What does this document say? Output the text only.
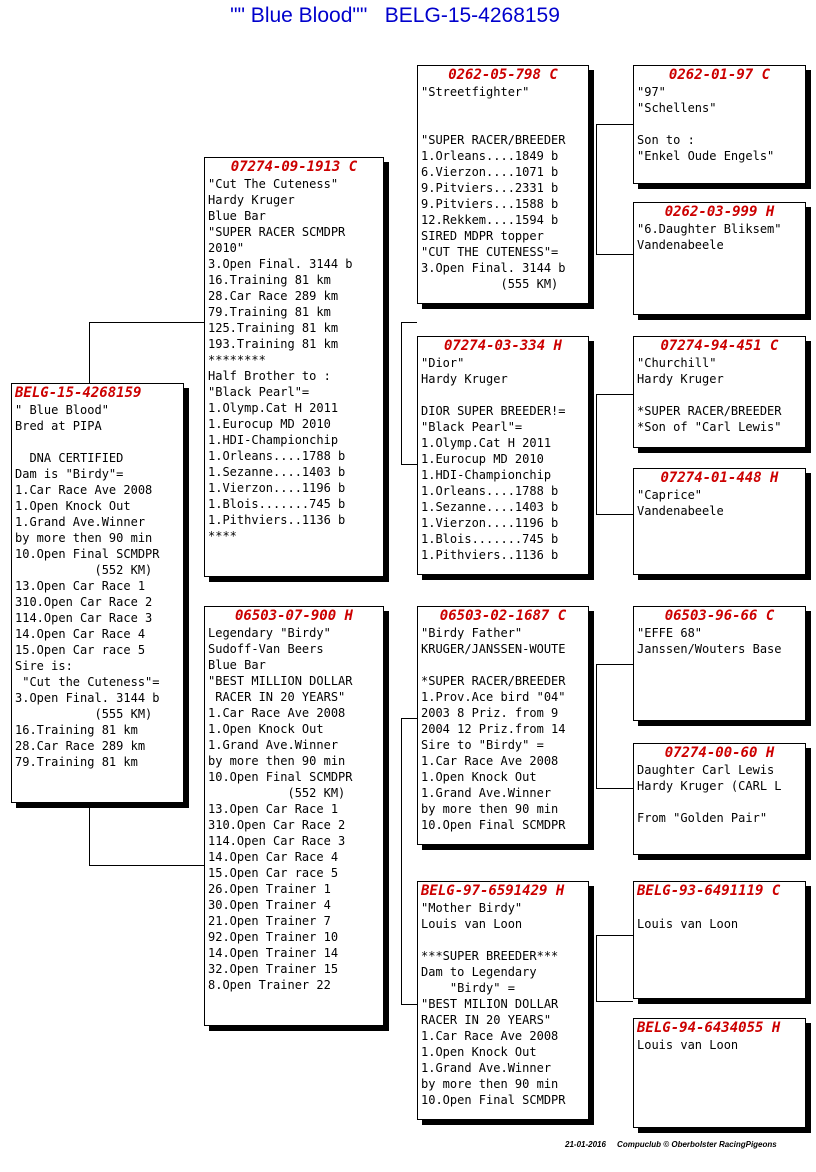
"" Blue Blood""   BELG-15-4268159
BELG-15-4268159
" Blue Blood"
Bred at PIPA
DNA CERTIFIED
Dam is "Birdy"=
1.Car Race Ave 2008
1.Open Knock Out
1.Grand Ave.Winner
by more then 90 min
10.Open Final SCMDPR
(552 KM)
13.Open Car Race 1
310.Open Car Race 2
114.Open Car Race 3
14.Open Car Race 4
15.Open Car race 5
Sire is:
"Cut the Cuteness"=
3.Open Final. 3144 b
(555 KM)
16.Training 81 km
28.Car Race 289 km
79.Training 81 km
07274-09-1913 C
"Cut The Cuteness"
Hardy Kruger
Blue Bar
"SUPER RACER SCMDPR
2010"
3.Open Final. 3144 b
16.Training 81 km
28.Car Race 289 km
79.Training 81 km
125.Training 81 km
193.Training 81 km
********
Half Brother to :
"Black Pearl"=
1.Olymp.Cat H 2011
1.Eurocup MD 2010
1.HDI-Championchip
1.Orleans....1788 b
1.Sezanne....1403 b
1.Vierzon....1196 b
1.Blois.......745 b
1.Pithviers..1136 b
****
06503-07-900 H
Legendary "Birdy"
Sudoff-Van Beers
Blue Bar
"BEST MILLION DOLLAR
RACER IN 20 YEARS"
1.Car Race Ave 2008
1.Open Knock Out
1.Grand Ave.Winner
by more then 90 min
10.Open Final SCMDPR
(552 KM)
13.Open Car Race 1
310.Open Car Race 2
114.Open Car Race 3
14.Open Car Race 4
15.Open Car race 5
26.Open Trainer 1
30.Open Trainer 4
21.Open Trainer 7
92.Open Trainer 10
14.Open Trainer 14
32.Open Trainer 15
8.Open Trainer 22
0262-05-798 C
"Streetfighter"
"SUPER RACER/BREEDER
1.Orleans....1849 b
6.Vierzon....1071 b
9.Pitviers...2331 b
9.Pitviers...1588 b
12.Rekkem....1594 b
SIRED MDPR topper
"CUT THE CUTENESS"=
3.Open Final. 3144 b
(555 KM)
07274-03-334 H
"Dior"
Hardy Kruger
DIOR SUPER BREEDER!=
"Black Pearl"=
1.Olymp.Cat H 2011
1.Eurocup MD 2010
1.HDI-Championchip
1.Orleans....1788 b
1.Sezanne....1403 b
1.Vierzon....1196 b
1.Blois.......745 b
1.Pithviers..1136 b
06503-02-1687 C
"Birdy Father"
KRUGER/JANSSEN-WOUTE
*SUPER RACER/BREEDER
1.Prov.Ace bird "04"
2003 8 Priz. from 9
2004 12 Priz.from 14
Sire to "Birdy" =
1.Car Race Ave 2008
1.Open Knock Out
1.Grand Ave.Winner
by more then 90 min
10.Open Final SCMDPR
BELG-97-6591429 H
"Mother Birdy"
Louis van Loon
***SUPER BREEDER***
Dam to Legendary
"Birdy" =
"BEST MILION DOLLAR
RACER IN 20 YEARS"
1.Car Race Ave 2008
1.Open Knock Out
1.Grand Ave.Winner
by more then 90 min
10.Open Final SCMDPR
0262-01-97 C
"97"
"Schellens"
Son to :
"Enkel Oude Engels"
0262-03-999 H
"6.Daughter Bliksem"
Vandenabeele
07274-94-451 C
"Churchill"
Hardy Kruger
*SUPER RACER/BREEDER
*Son of "Carl Lewis"
07274-01-448 H
"Caprice"
Vandenabeele
06503-96-66 C
"EFFE 68"
Janssen/Wouters Base
07274-00-60 H
Daughter Carl Lewis
Hardy Kruger (CARL L
From "Golden Pair"
BELG-93-6491119 C
Louis van Loon
BELG-94-6434055 H
Louis van Loon
21-01-2016     Compuclub © Oberbolster RacingPigeons
